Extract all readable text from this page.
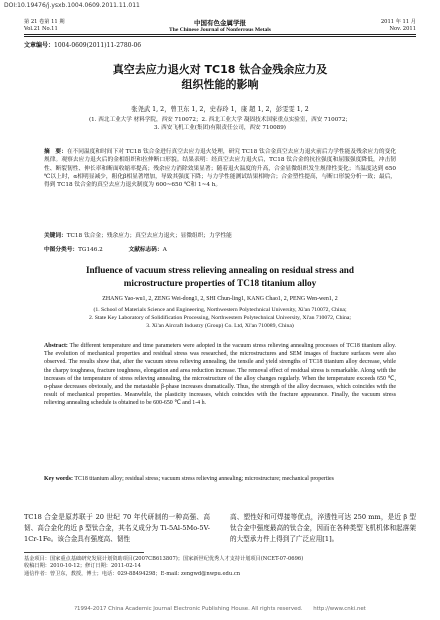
DOI:10.19476/j.ysxb.1004.0609.2011.11.011
第 21 卷第 11 期
Vol.21 No.11
中国有色金属学报
The Chinese Journal of Nonferrous Metals
2011 年 11 月
Nov. 2011
文章编号：1004-0609(2011)11-2780-06
真空去应力退火对 TC18 钛合金残余应力及
组织性能的影响
张尧武 1, 2，曾卫东 1, 2，史春玲 1，康 超 1, 2，彭雯雯 1, 2
(1. 西北工业大学 材料学院，西安 710072；2. 西北工业大学 凝固技术国家重点实验室，西安 710072；
3. 西安飞机工业(集团)有限责任公司，西安 710089)
摘　要：在不同温度和时间下对 TC18 钛合金进行真空去应力退火处理，研究 TC18 钛合金真空去应力退火前后力学性能及残余应力的变化规律。观察去应力退火后的金相组织和拉伸断口形貌。结果表明：经真空去应力退火后，TC18 钛合金的抗拉强度和屈服强度降低，冲击韧性、断裂韧性、伸长率和断面收缩率提高；残余应力消除效果显著；随着退火温度的升高，合金显微组织发生规律性变化；当温度达到 650 ℃以上时，α相明显减少，粗化β相显著增加，导致其强度下降；与力学性能测试结果相吻合；合金塑性提高，与断口形貌分析一致；最后，得到 TC18 钛合金的真空去应力退火制度为 600~650 ℃和 1~4 h。
关键词：TC18 钛合金；残余应力；真空去应力退火；显微组织；力学性能
中图分类号：TG146.2	文献标志码：A
Influence of vacuum stress relieving annealing on residual stress and
microstructure properties of TC18 titanium alloy
ZHANG Yao-wu1, 2, ZENG Wei-dong1, 2, SHI Chun-ling1, KANG Chao1, 2, PENG Wen-wen1, 2
(1. School of Materials Science and Engineering, Northwestern Polytechnical University, Xi'an 710072, China;
2. State Key Laboratory of Solidification Processing, Northwestern Polytechnical University, Xi'an 710072, China;
3. Xi'an Aircraft Industry (Group) Co. Ltd, Xi'an 710089, China)
Abstract: The different temperature and time parameters were adopted in the vacuum stress relieving annealing processes of TC18 titanium alloy. The evolution of mechanical properties and residual stress was researched, the microstructures and SEM images of fracture surfaces were also observed. The results show that, after the vacuum stress relieving annealing, the tensile and yield strengths of TC18 titanium alloy decrease, while the charpy toughness, fracture toughness, elongation and area reduction increase. The removal effect of residual stress is remarkable. Along with the increases of the temperature of stress relieving annealing, the microstructure of the alloy changes regularly. When the temperature exceeds 650 ℃, α-phase decreases obviously, and the metastable β-phase increases dramatically. Thus, the strength of the alloy decreases, which coincides with the result of mechanical properties. Meanwhile, the plasticity increases, which coincides with the fracture appearance. Finally, the vacuum stress relieving annealing schedule is obtained to be 600-650 ℃ and 1-4 h.
Key words: TC18 titanium alloy; residual stress; vacuum stress relieving annealing; microstructure; mechanical properties
TC18 合金是原苏联于 20 世纪 70 年代研制的一种高强、高韧、高合金化的近 β 型钛合金，其名义成分为 Ti-5Al-5Mo-5V-1Cr-1Fe。该合金具有强度高、韧性
高、塑性好和可焊接等优点，淬透性可达 250 mm，是近 β 型钛合金中强度最高的钛合金，因而在各种类型飞机机体和起落架的大型承力件上得到了广泛应用[1]。
基金项目：国家重点基础研究发展计划资助项目(2007CB613807)；国家新世纪优秀人才支持计划项目(NCET-07-0696)
收稿日期：2010-10-12；修订日期：2011-02-14
通信作者：曾卫东，教授，博士；电话：029-88494298；E-mail: zengwd@nwpu.edu.cn
?1994-2017 China Academic Journal Electronic Publishing House. All rights reserved.　　http://www.cnki.net
